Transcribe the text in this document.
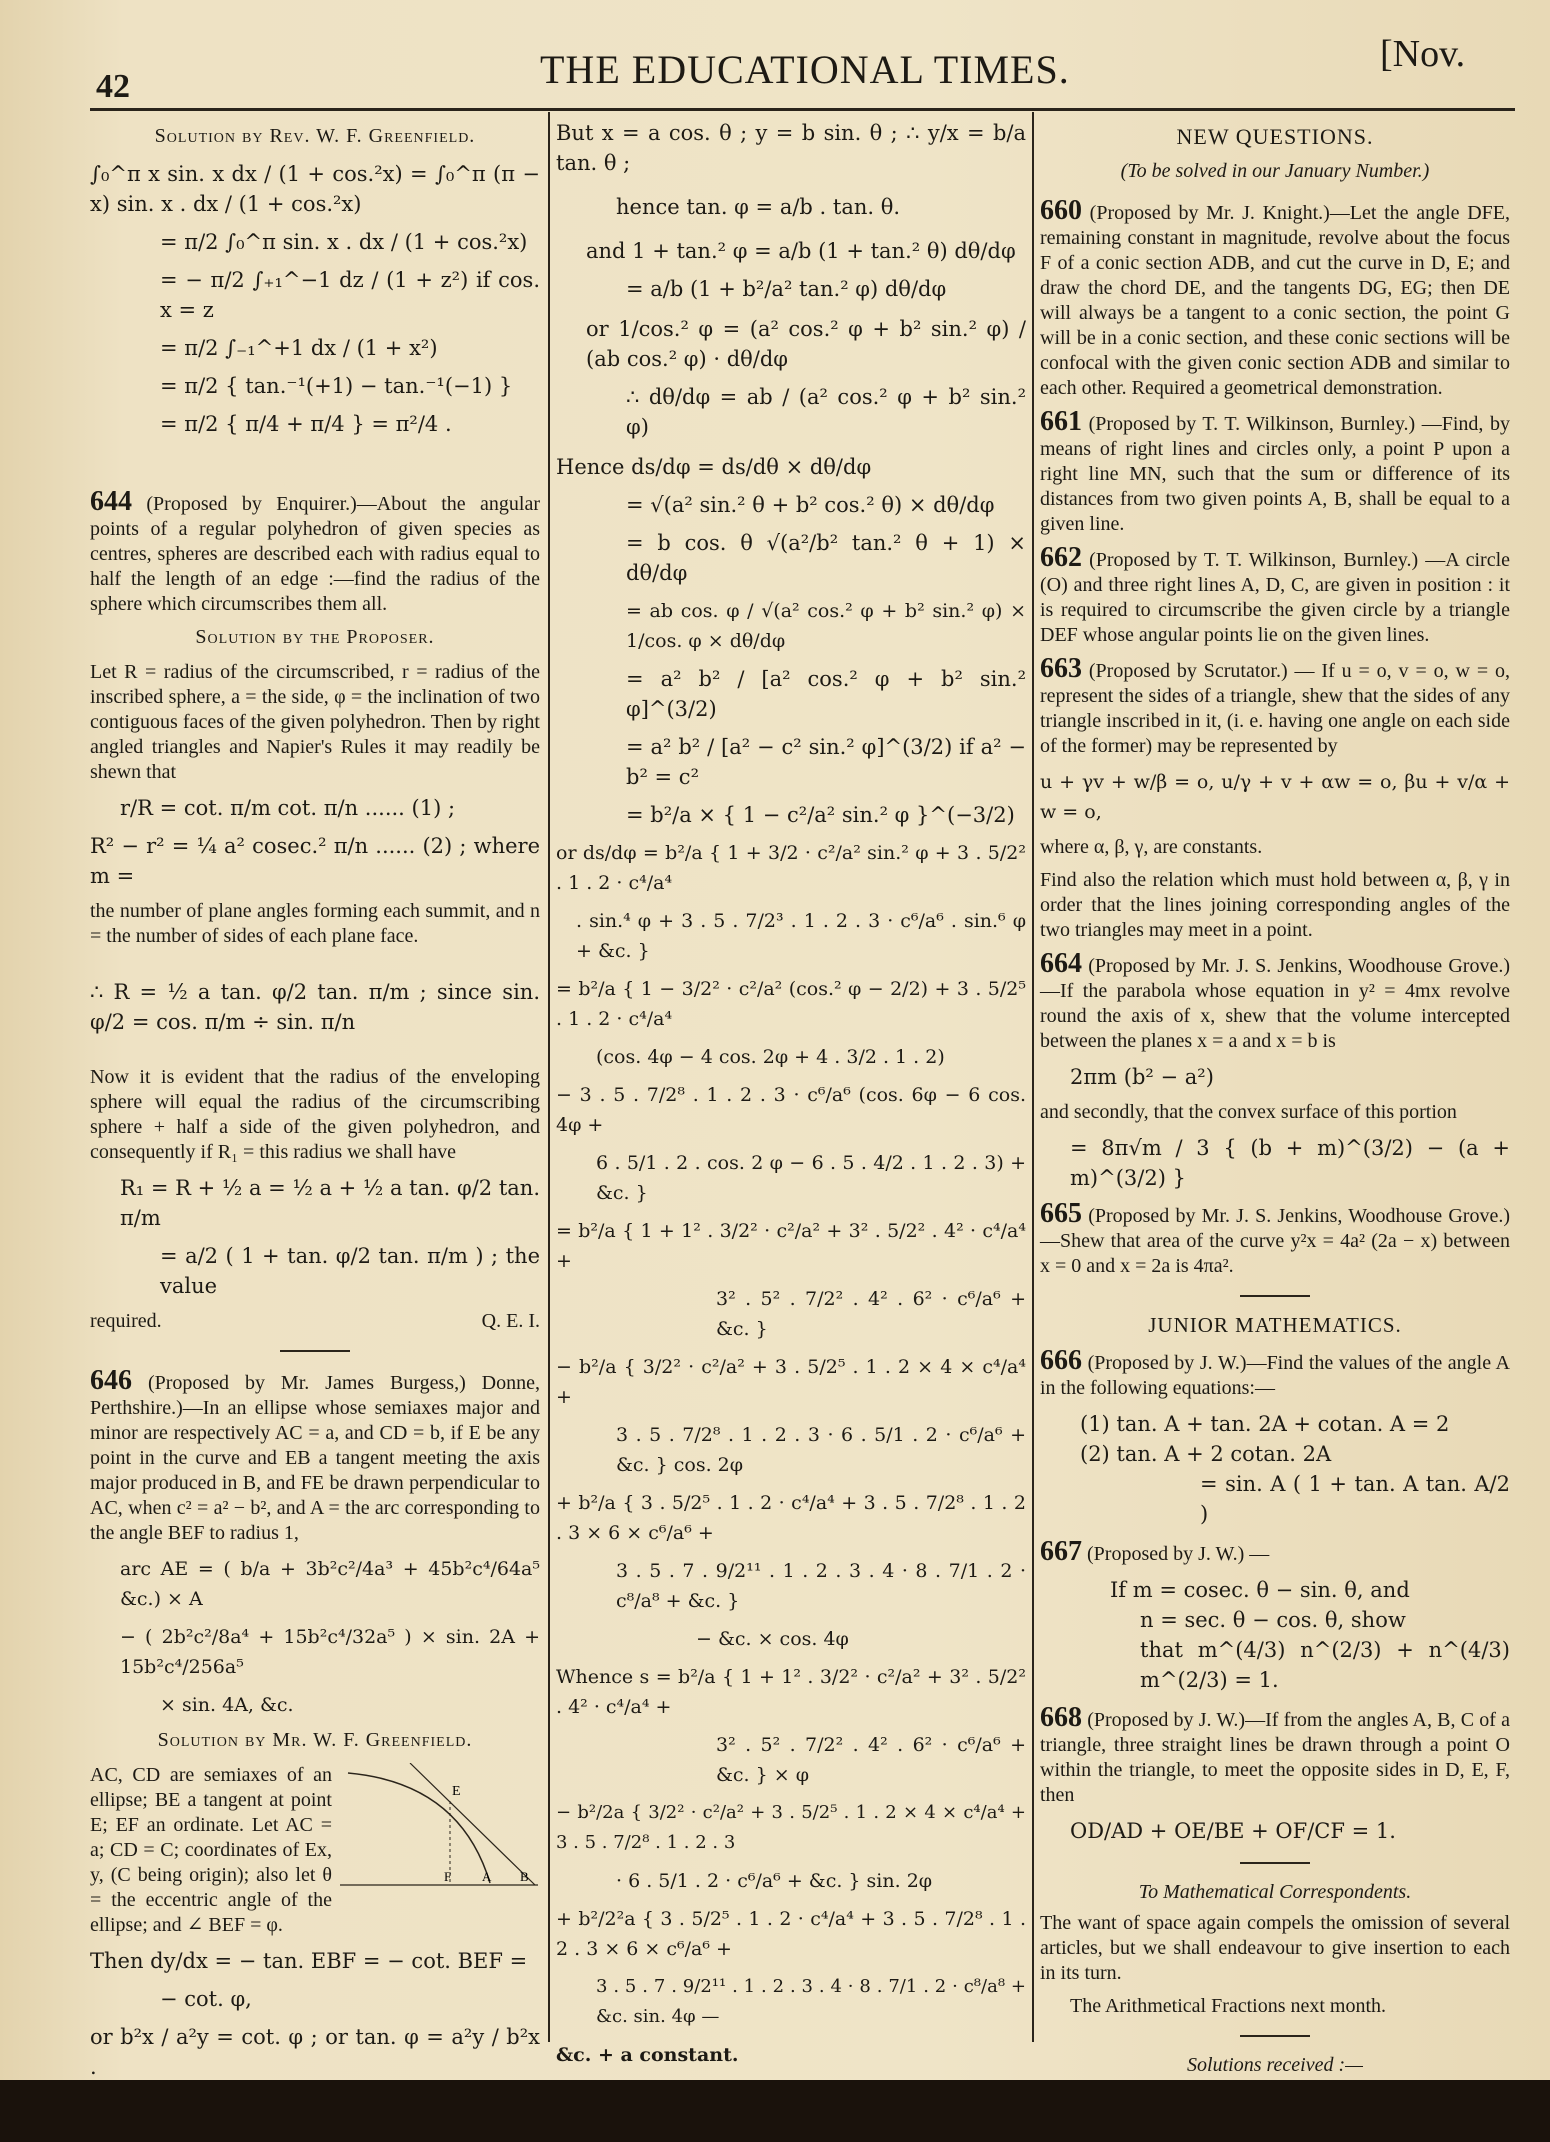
42	THE EDUCATIONAL TIMES.	[Nov.
Solution by Rev. W. F. Greenfield.

∫₀^π x sin. x dx / (1 + cos.²x) = ∫₀^π (π − x) sin. x . dx / (1 + cos.²x)

= π/2 ∫₀^π sin. x . dx / (1 + cos.²x)

= − π/2 ∫₊₁^−1 dz / (1 + z²) if cos. x = z

= π/2 ∫₋₁^+1 dx / (1 + x²)

= π/2 { tan.⁻¹(+1) − tan.⁻¹(−1) }

= π/2 { π/4 + π/4 } = π²/4 .

644 (Proposed by Enquirer.)—About the angular points of a regular polyhedron of given species as centres, spheres are described each with radius equal to half the length of an edge :—find the radius of the sphere which circumscribes them all.

Solution by the Proposer.

Let R = radius of the circumscribed, r = radius of the inscribed sphere, a = the side, φ = the inclination of two contiguous faces of the given polyhedron. Then by right angled triangles and Napier's Rules it may readily be shewn that

r/R = cot. π/m cot. π/n ...... (1) ;

R² − r² = ¼ a² cosec.² π/n ...... (2) ; where m =

the number of plane angles forming each summit, and n = the number of sides of each plane face.

∴ R = ½ a tan. φ/2 tan. π/m ; since sin. φ/2 = cos. π/m ÷ sin. π/n

Now it is evident that the radius of the enveloping sphere will equal the radius of the circumscribing sphere + half a side of the given polyhedron, and consequently if R₁ = this radius we shall have

R₁ = R + ½ a = ½ a + ½ a tan. φ/2 tan. π/m

= a/2 ( 1 + tan. φ/2 tan. π/m ) ; the value

required.	Q. E. I.

646 (Proposed by Mr. James Burgess,) Donne, Perthshire.)—In an ellipse whose semiaxes major and minor are respectively AC = a, and CD = b, if E be any point in the curve and EB a tangent meeting the axis major produced in B, and FE be drawn perpendicular to AC, when c² = a² − b², and A = the arc corresponding to the angle BEF to radius 1,

arc AE = ( b/a + 3b²c²/4a³ + 45b²c⁴/64a⁵ &c.) × A

− ( 2b²c²/8a⁴ + 15b²c⁴/32a⁵ ) × sin. 2A + 15b²c⁴/256a⁵

× sin. 4A, &c.

Solution by Mr. W. F. Greenfield.
E
F A B

AC, CD are semiaxes of an ellipse; BE a tangent at point E; EF an ordinate. Let AC = a; CD = C; coordinates of Ex, y, (C being origin); also let θ = the eccentric angle of the ellipse; and ∠ BEF = φ.

Then dy/dx = − tan. EBF = − cot. BEF =

− cot. φ,

or b²x / a²y = cot. φ ; or tan. φ = a²y / b²x .

But x = a cos. θ ; y = b sin. θ ; ∴ y/x = b/a tan. θ ;

hence tan. φ = a/b . tan. θ.

and 1 + tan.² φ = a/b (1 + tan.² θ) dθ/dφ

= a/b (1 + b²/a² tan.² φ) dθ/dφ

or 1/cos.² φ = (a² cos.² φ + b² sin.² φ) / (ab cos.² φ) · dθ/dφ

∴ dθ/dφ = ab / (a² cos.² φ + b² sin.² φ)

Hence ds/dφ = ds/dθ × dθ/dφ

= √(a² sin.² θ + b² cos.² θ) × dθ/dφ

= b cos. θ √(a²/b² tan.² θ + 1) × dθ/dφ

= ab cos. φ / √(a² cos.² φ + b² sin.² φ) × 1/cos. φ × dθ/dφ

= a² b² / [a² cos.² φ + b² sin.² φ]^(3/2)

= a² b² / [a² − c² sin.² φ]^(3/2) if a² − b² = c²

= b²/a × { 1 − c²/a² sin.² φ }^(−3/2)

or ds/dφ = b²/a { 1 + 3/2 · c²/a² sin.² φ + 3 . 5/2² . 1 . 2 · c⁴/a⁴

. sin.⁴ φ + 3 . 5 . 7/2³ . 1 . 2 . 3 · c⁶/a⁶ . sin.⁶ φ + &c. }

= b²/a { 1 − 3/2² · c²/a² (cos.² φ − 2/2) + 3 . 5/2⁵ . 1 . 2 · c⁴/a⁴

(cos. 4φ − 4 cos. 2φ + 4 . 3/2 . 1 . 2)

− 3 . 5 . 7/2⁸ . 1 . 2 . 3 · c⁶/a⁶ (cos. 6φ − 6 cos. 4φ +

6 . 5/1 . 2 . cos. 2 φ − 6 . 5 . 4/2 . 1 . 2 . 3) + &c. }

= b²/a { 1 + 1² . 3/2² · c²/a² + 3² . 5/2² . 4² · c⁴/a⁴ +

3² . 5² . 7/2² . 4² . 6² · c⁶/a⁶ + &c. }

− b²/a { 3/2² · c²/a² + 3 . 5/2⁵ . 1 . 2 × 4 × c⁴/a⁴ +

3 . 5 . 7/2⁸ . 1 . 2 . 3 · 6 . 5/1 . 2 · c⁶/a⁶ + &c. } cos. 2φ

+ b²/a { 3 . 5/2⁵ . 1 . 2 · c⁴/a⁴ + 3 . 5 . 7/2⁸ . 1 . 2 . 3 × 6 × c⁶/a⁶ +

3 . 5 . 7 . 9/2¹¹ . 1 . 2 . 3 . 4 · 8 . 7/1 . 2 · c⁸/a⁸ + &c. }

− &c. × cos. 4φ

Whence s = b²/a { 1 + 1² . 3/2² · c²/a² + 3² . 5/2² . 4² · c⁴/a⁴ +

3² . 5² . 7/2² . 4² . 6² · c⁶/a⁶ + &c. } × φ

− b²/2a { 3/2² · c²/a² + 3 . 5/2⁵ . 1 . 2 × 4 × c⁴/a⁴ + 3 . 5 . 7/2⁸ . 1 . 2 . 3

· 6 . 5/1 . 2 · c⁶/a⁶ + &c. } sin. 2φ

+ b²/2²a { 3 . 5/2⁵ . 1 . 2 · c⁴/a⁴ + 3 . 5 . 7/2⁸ . 1 . 2 . 3 × 6 × c⁶/a⁶ +

3 . 5 . 7 . 9/2¹¹ . 1 . 2 . 3 . 4 · 8 . 7/1 . 2 · c⁸/a⁸ + &c. sin. 4φ —

&c. + a constant.

NEW QUESTIONS.
(To be solved in our January Number.)

660 (Proposed by Mr. J. Knight.)—Let the angle DFE, remaining constant in magnitude, revolve about the focus F of a conic section ADB, and cut the curve in D, E; and draw the chord DE, and the tangents DG, EG; then DE will always be a tangent to a conic section, the point G will be in a conic section, and these conic sections will be confocal with the given conic section ADB and similar to each other. Required a geometrical demonstration.

661 (Proposed by T. T. Wilkinson, Burnley.) —Find, by means of right lines and circles only, a point P upon a right line MN, such that the sum or difference of its distances from two given points A, B, shall be equal to a given line.

662 (Proposed by T. T. Wilkinson, Burnley.) —A circle (O) and three right lines A, D, C, are given in position : it is required to circumscribe the given circle by a triangle DEF whose angular points lie on the given lines.

663 (Proposed by Scrutator.) — If u = o, v = o, w = o, represent the sides of a triangle, shew that the sides of any triangle inscribed in it, (i. e. having one angle on each side of the former) may be represented by

u + γv + w/β = o, u/γ + v + αw = o, βu + v/α + w = o,

where α, β, γ, are constants.

Find also the relation which must hold between α, β, γ in order that the lines joining corresponding angles of the two triangles may meet in a point.

664 (Proposed by Mr. J. S. Jenkins, Woodhouse Grove.)—If the parabola whose equation in y² = 4mx revolve round the axis of x, shew that the volume intercepted between the planes x = a and x = b is

2πm (b² − a²)

and secondly, that the convex surface of this portion

= 8π√m / 3 { (b + m)^(3/2) − (a + m)^(3/2) }

665 (Proposed by Mr. J. S. Jenkins, Woodhouse Grove.)—Shew that area of the curve y²x = 4a² (2a − x) between x = 0 and x = 2a is 4πa².

JUNIOR MATHEMATICS.

666 (Proposed by J. W.)—Find the values of the angle A in the following equations:—

(1) tan. A + tan. 2A + cotan. A = 2

(2) tan. A + 2 cotan. 2A

= sin. A ( 1 + tan. A tan. A/2 )

667 (Proposed by J. W.) —

If m = cosec. θ − sin. θ, and

n = sec. θ − cos. θ, show

that m^(4/3) n^(2/3) + n^(4/3) m^(2/3) = 1.

668 (Proposed by J. W.)—If from the angles A, B, C of a triangle, three straight lines be drawn through a point O within the triangle, to meet the opposite sides in D, E, F, then

OD/AD + OE/BE + OF/CF = 1.

To Mathematical Correspondents.

The want of space again compels the omission of several articles, but we shall endeavour to give insertion to each in its turn.

The Arithmetical Fractions next month.

Solutions received :—
